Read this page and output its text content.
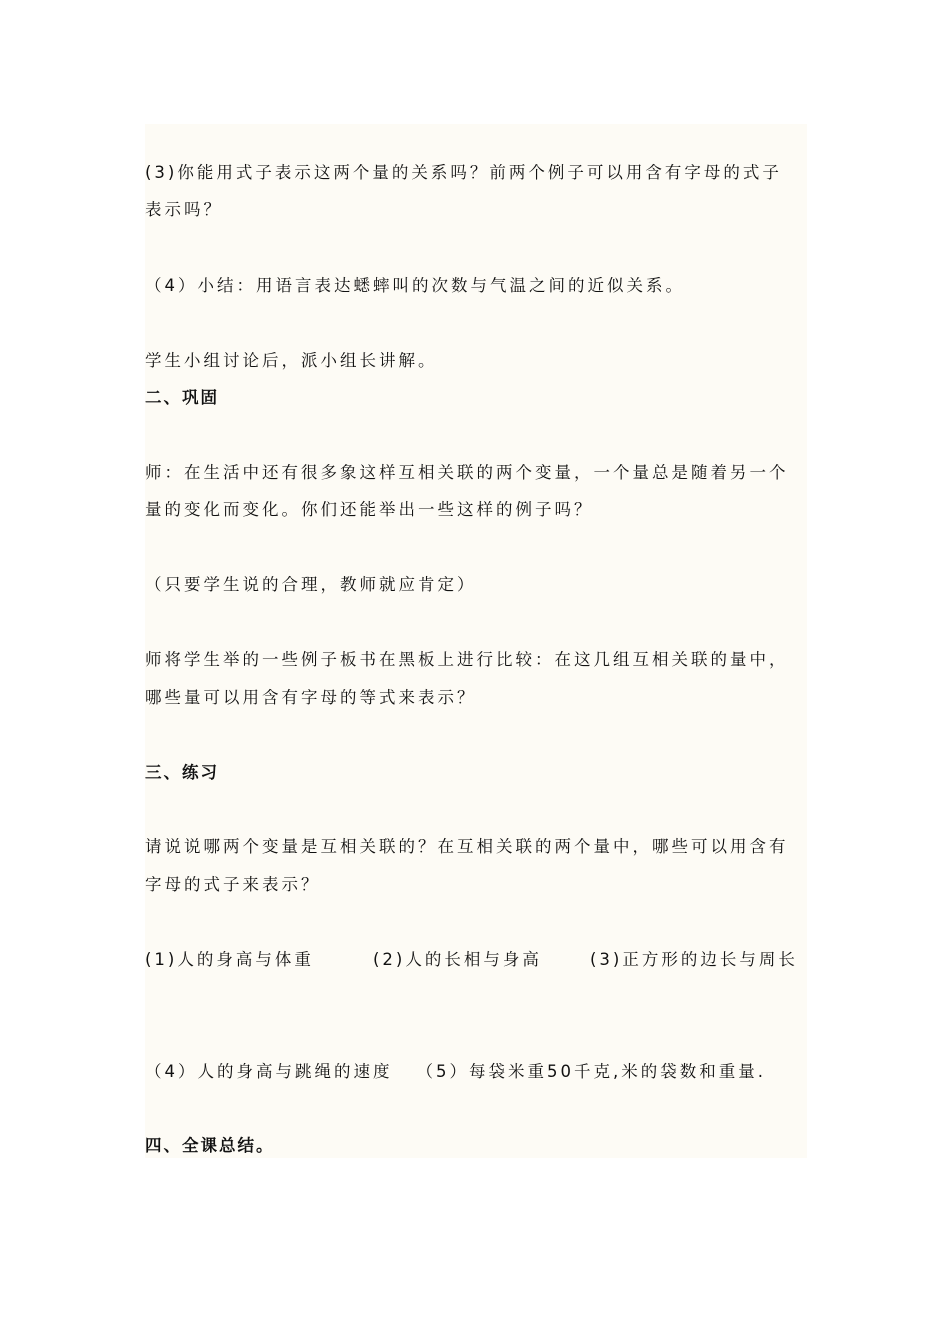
(3)你能用式子表示这两个量的关系吗？前两个例子可以用含有字母的式子
表示吗？
（4）小结：用语言表达蟋蟀叫的次数与气温之间的近似关系。
学生小组讨论后，派小组长讲解。
二、巩固
师：在生活中还有很多象这样互相关联的两个变量，一个量总是随着另一个
量的变化而变化。你们还能举出一些这样的例子吗？
（只要学生说的合理，教师就应肯定）
师将学生举的一些例子板书在黑板上进行比较：在这几组互相关联的量中，
哪些量可以用含有字母的等式来表示？
三、练习
请说说哪两个变量是互相关联的？在互相关联的两个量中，哪些可以用含有
字母的式子来表示？
(1)人的身高与体重	(2)人的长相与身高	(3)正方形的边长与周长
（4）人的身高与跳绳的速度 （5）每袋米重50千克,米的袋数和重量.
四、全课总结。
